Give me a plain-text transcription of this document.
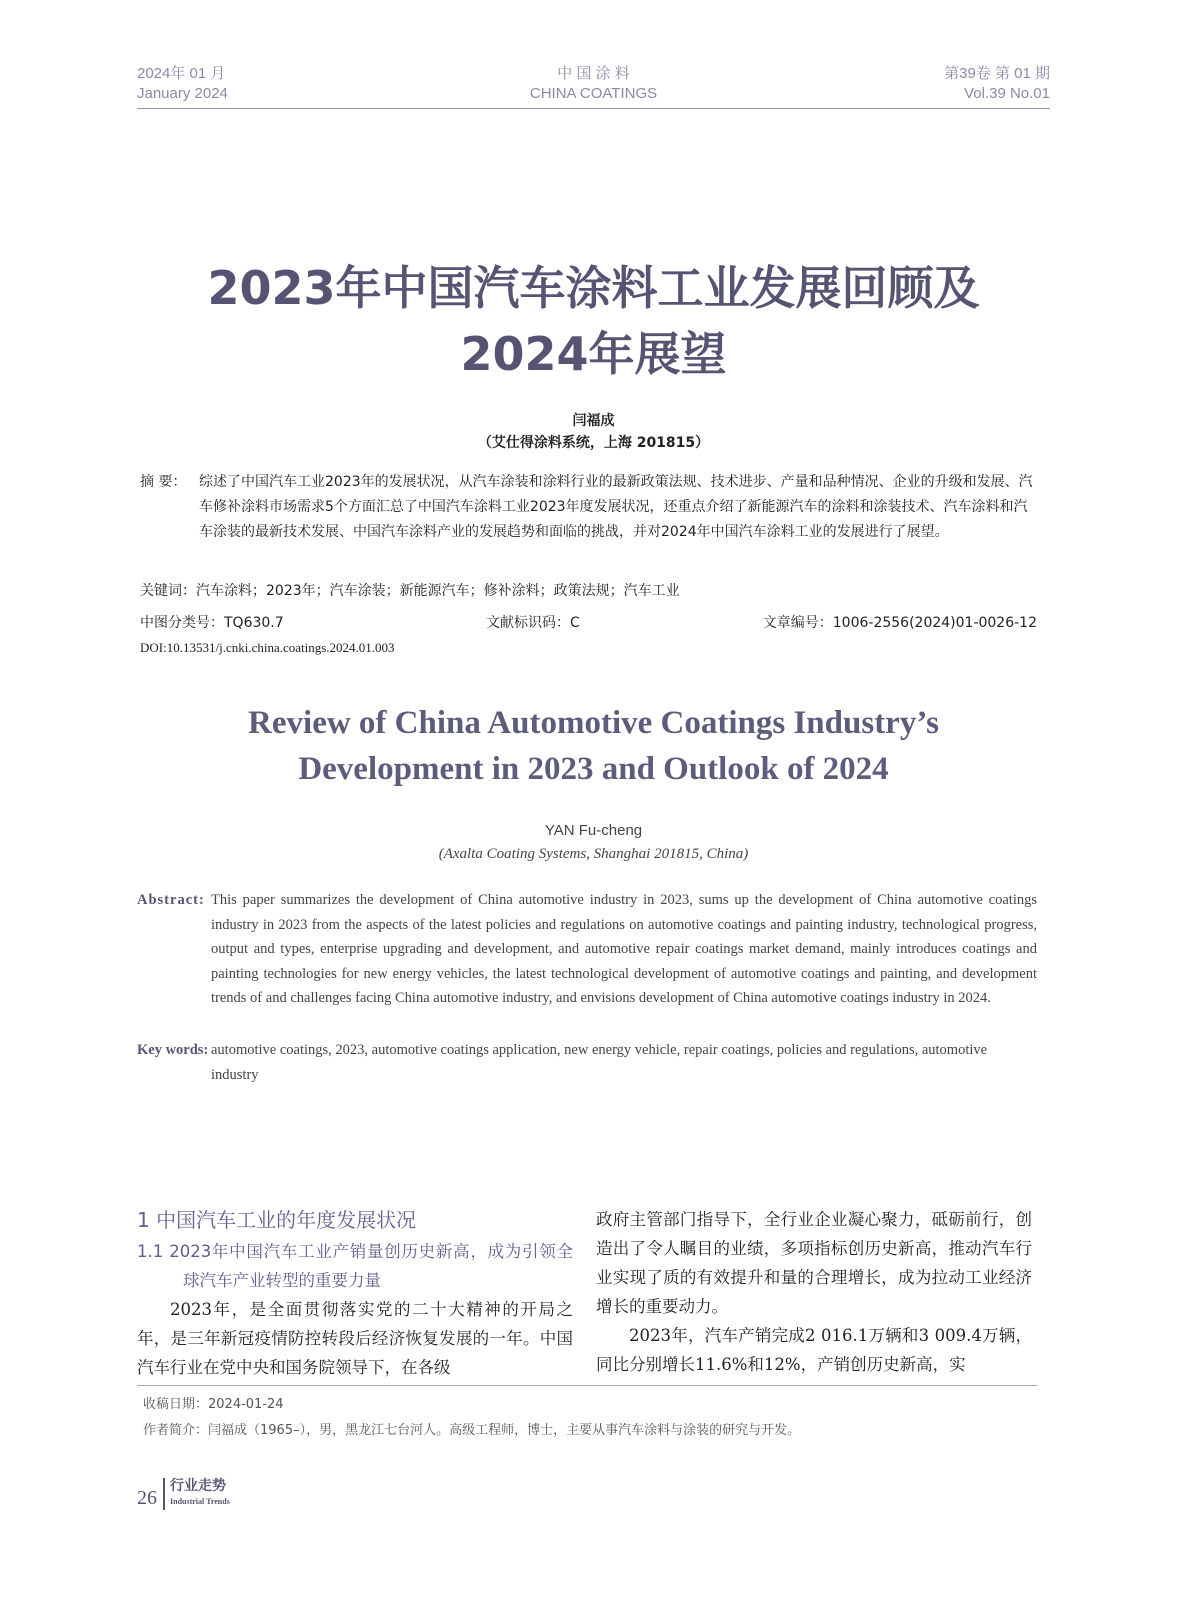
2024年 01 月
January 2024
中 国 涂 料
CHINA COATINGS
第39卷 第 01 期
Vol.39 No.01
2023年中国汽车涂料工业发展回顾及
2024年展望
闫福成
（艾仕得涂料系统，上海 201815）
摘 要： 综述了中国汽车工业2023年的发展状况，从汽车涂装和涂料行业的最新政策法规、技术进步、产量和品种情况、企业的升级和发展、汽车修补涂料市场需求5个方面汇总了中国汽车涂料工业2023年度发展状况，还重点介绍了新能源汽车的涂料和涂装技术、汽车涂料和汽车涂装的最新技术发展、中国汽车涂料产业的发展趋势和面临的挑战，并对2024年中国汽车涂料工业的发展进行了展望。
关键词：汽车涂料；2023年；汽车涂装；新能源汽车；修补涂料；政策法规；汽车工业
中图分类号：TQ630.7	文献标识码：C	文章编号：1006-2556(2024)01-0026-12
DOI:10.13531/j.cnki.china.coatings.2024.01.003
Review of China Automotive Coatings Industry’s
Development in 2023 and Outlook of 2024
YAN Fu-cheng
(Axalta Coating Systems, Shanghai 201815, China)
Abstract: This paper summarizes the development of China automotive industry in 2023, sums up the development of China automotive coatings industry in 2023 from the aspects of the latest policies and regulations on automotive coatings and painting industry, technological progress, output and types, enterprise upgrading and development, and automotive repair coatings market demand, mainly introduces coatings and painting technologies for new energy vehicles, the latest technological development of automotive coatings and painting, and development trends of and challenges facing China automotive industry, and envisions development of China automotive coatings industry in 2024.
Key words: automotive coatings, 2023, automotive coatings application, new energy vehicle, repair coatings, policies and regulations, automotive industry
1 中国汽车工业的年度发展状况
1.1 2023年中国汽车工业产销量创历史新高，成为引领全球汽车产业转型的重要力量
2023年，是全面贯彻落实党的二十大精神的开局之年，是三年新冠疫情防控转段后经济恢复发展的一年。中国汽车行业在党中央和国务院领导下，在各级
政府主管部门指导下，全行业企业凝心聚力，砥砺前行，创造出了令人瞩目的业绩，多项指标创历史新高，推动汽车行业实现了质的有效提升和量的合理增长，成为拉动工业经济增长的重要动力。
2023年，汽车产销完成2 016.1万辆和3 009.4万辆，同比分别增长11.6%和12%，产销创历史新高，实
收稿日期：2024-01-24
作者简介：闫福成（1965–），男，黑龙江七台河人。高级工程师，博士，主要从事汽车涂料与涂装的研究与开发。
26
行业走势
Industrial Trends
